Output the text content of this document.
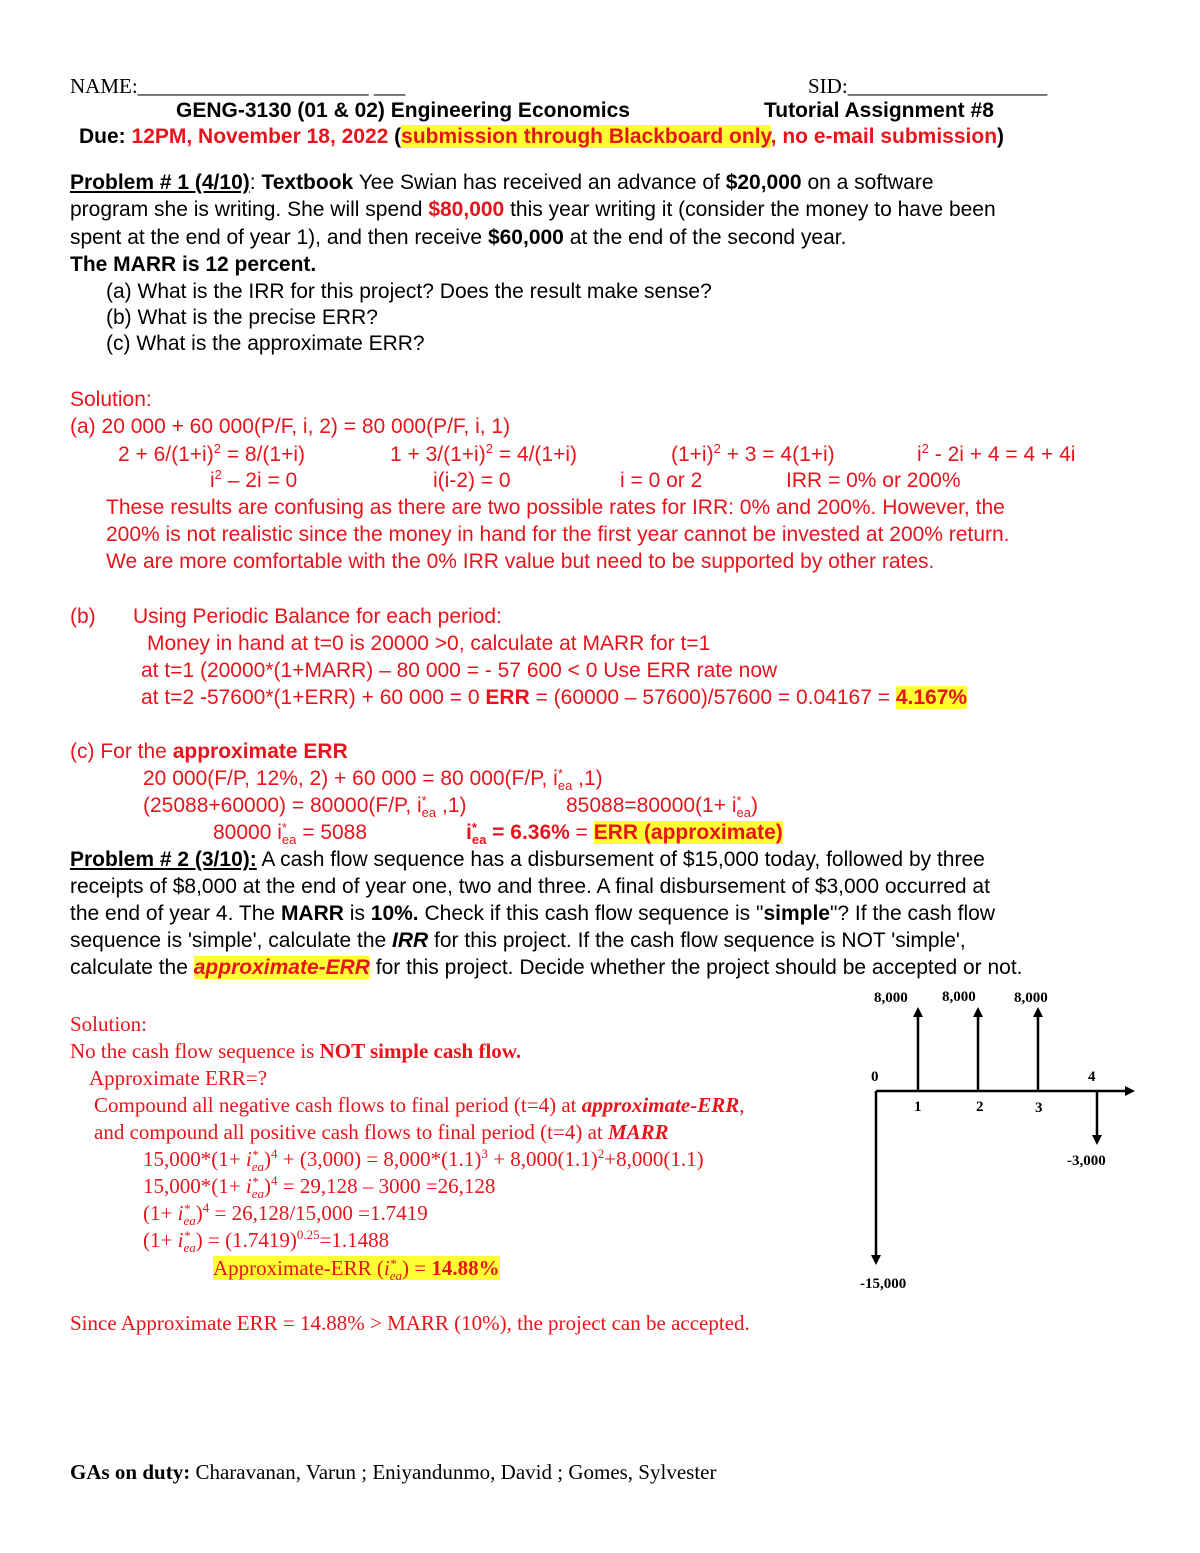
NAME:______________________ ___	SID:___________________
GENG-3130 (01 & 02) Engineering Economics	Tutorial Assignment #8
Due: 12PM, November 18, 2022 (submission through Blackboard only, no e-mail submission)
Problem # 1 (4/10): Textbook Yee Swian has received an advance of $20,000 on a software
program she is writing. She will spend $80,000 this year writing it (consider the money to have been
spent at the end of year 1), and then receive $60,000 at the end of the second year.
The MARR is 12 percent.
(a) What is the IRR for this project? Does the result make sense?
(b) What is the precise ERR?
(c) What is the approximate ERR?
Solution:
(a) 20 000 + 60 000(P/F, i, 2) = 80 000(P/F, i, 1)
$2 + 6/(1+i)^2 = 8/(1+i)$	$1 + 3/(1+i)^2 = 4/(1+i)$	$(1+i)^2 + 3 = 4(1+i)$	$i^2 - 2i + 4 = 4 + 4i$
$i^2 - 2i = 0$	i(i-2) = 0	i = 0 or 2	IRR = 0% or 200%
These results are confusing as there are two possible rates for IRR: 0% and 200%. However, the
200% is not realistic since the money in hand for the first year cannot be invested at 200% return.
We are more comfortable with the 0% IRR value but need to be supported by other rates.
(b) Using Periodic Balance for each period:
Money in hand at t=0 is 20000 >0, calculate at MARR for t=1
at t=1 (20000*(1+MARR) – 80 000 = - 57 600 < 0 Use ERR rate now
at t=2 -57600*(1+ERR) + 60 000 = 0 ERR = (60000 – 57600)/57600 = 0.04167 = 4.167%
(c) For the approximate ERR
20 000(F/P, 12%, 2) + 60 000 = 80 000(F/P, i *
ea ,1)
(25088+60000) = 80000(F/P, i *
ea ,1)	85088=80000(1+ i *
ea )
80000 i *
ea = 5088	i *
ea = 6.36% = ERR (approximate)
Problem # 2 (3/10): A cash flow sequence has a disbursement of $15,000 today, followed by three
receipts of $8,000 at the end of year one, two and three. A final disbursement of $3,000 occurred at
the end of year 4. The MARR is 10%. Check if this cash flow sequence is "simple"? If the cash flow
sequence is 'simple', calculate the IRR for this project. If the cash flow sequence is NOT 'simple',
calculate the approximate-ERR for this project. Decide whether the project should be accepted or not.
Solution:
No the cash flow sequence is NOT simple cash flow.
Approximate ERR=?
Compound all negative cash flows to final period (t=4) at approximate-ERR,
and compound all positive cash flows to final period (t=4) at MARR
15,000*(1+ i *
ea )$^4 + (3,000) = 8,000*(1.1)^3 + 8,000(1.1)^2+8,000(1.1)$
15,000*(1+ i *
ea )$^4$ = 29,128 – 3000 =26,128
(1+ i *
ea )$^4$ = 26,128/15,000 =1.7419
(1+ i *
ea ) = $(1.7419)^{0.25}=1.1488$
Approximate-ERR (i *
ea ) = 14.88%
Since Approximate ERR = 14.88% > MARR (10%), the project can be accepted.
8,000 8,000	8,000
0
1	2	3
4
-3,000
-15,000
GAs on duty: Charavanan, Varun ; Eniyandunmo, David ; Gomes, Sylvester
